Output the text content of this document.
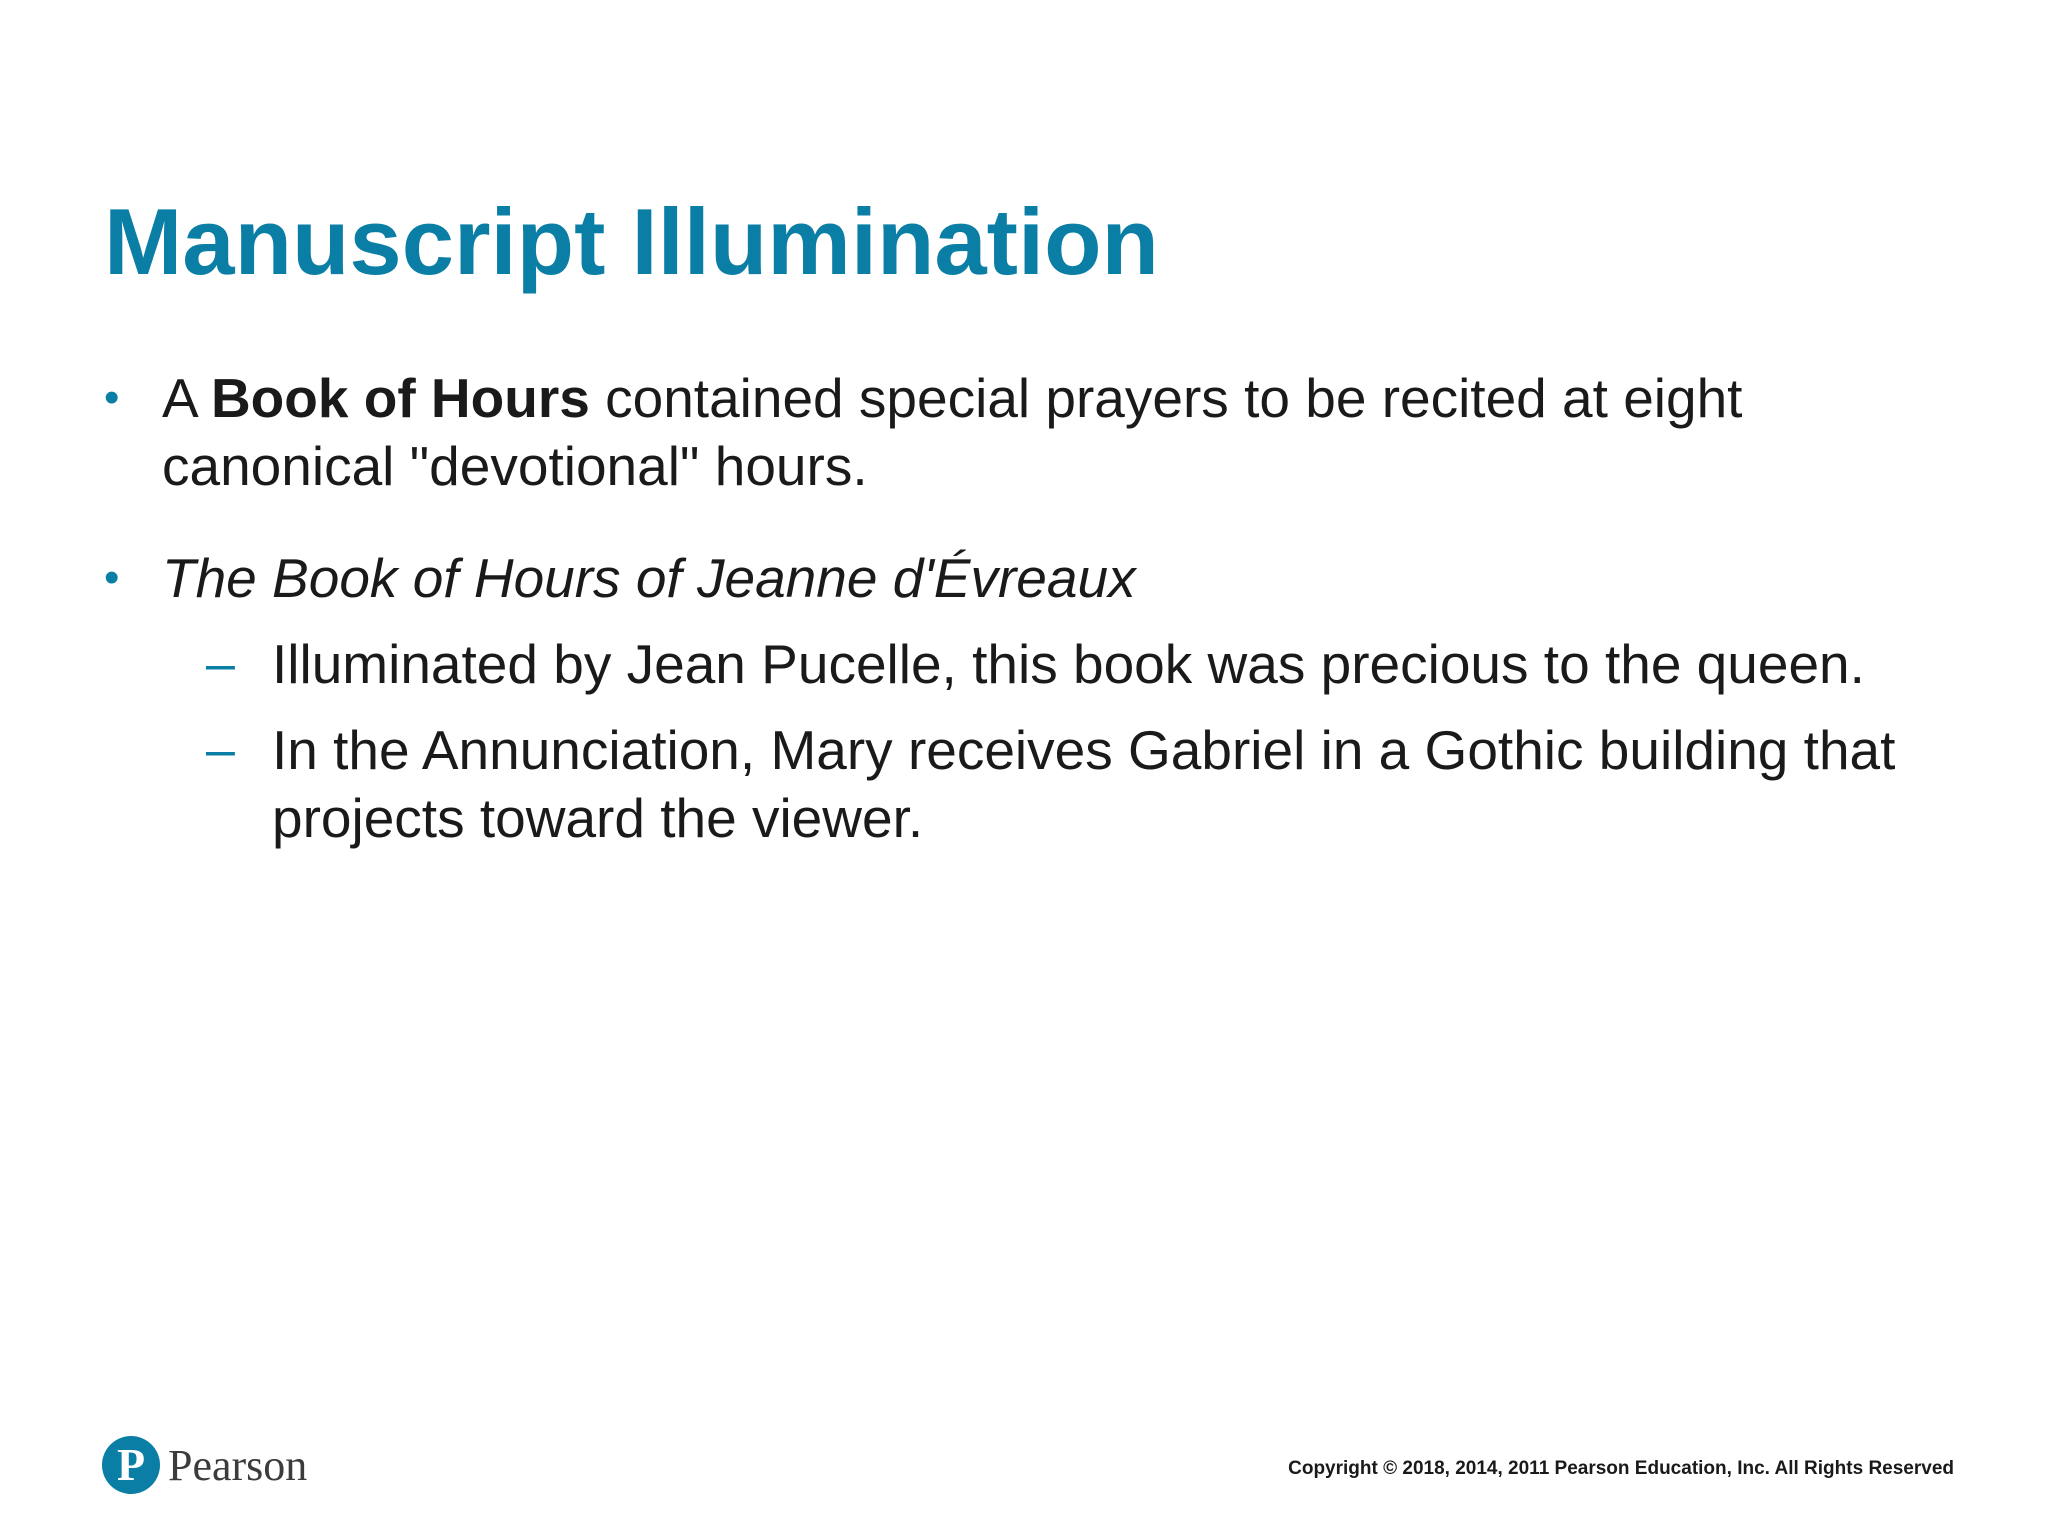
Manuscript Illumination
• A Book of Hours contained special prayers to be recited at eight canonical "devotional" hours.
• The Book of Hours of Jeanne d'Évreaux
– Illuminated by Jean Pucelle, this book was precious to the queen.
– In the Annunciation, Mary receives Gabriel in a Gothic building that projects toward the viewer.
P Pearson	Copyright © 2018, 2014, 2011 Pearson Education, Inc. All Rights Reserved
